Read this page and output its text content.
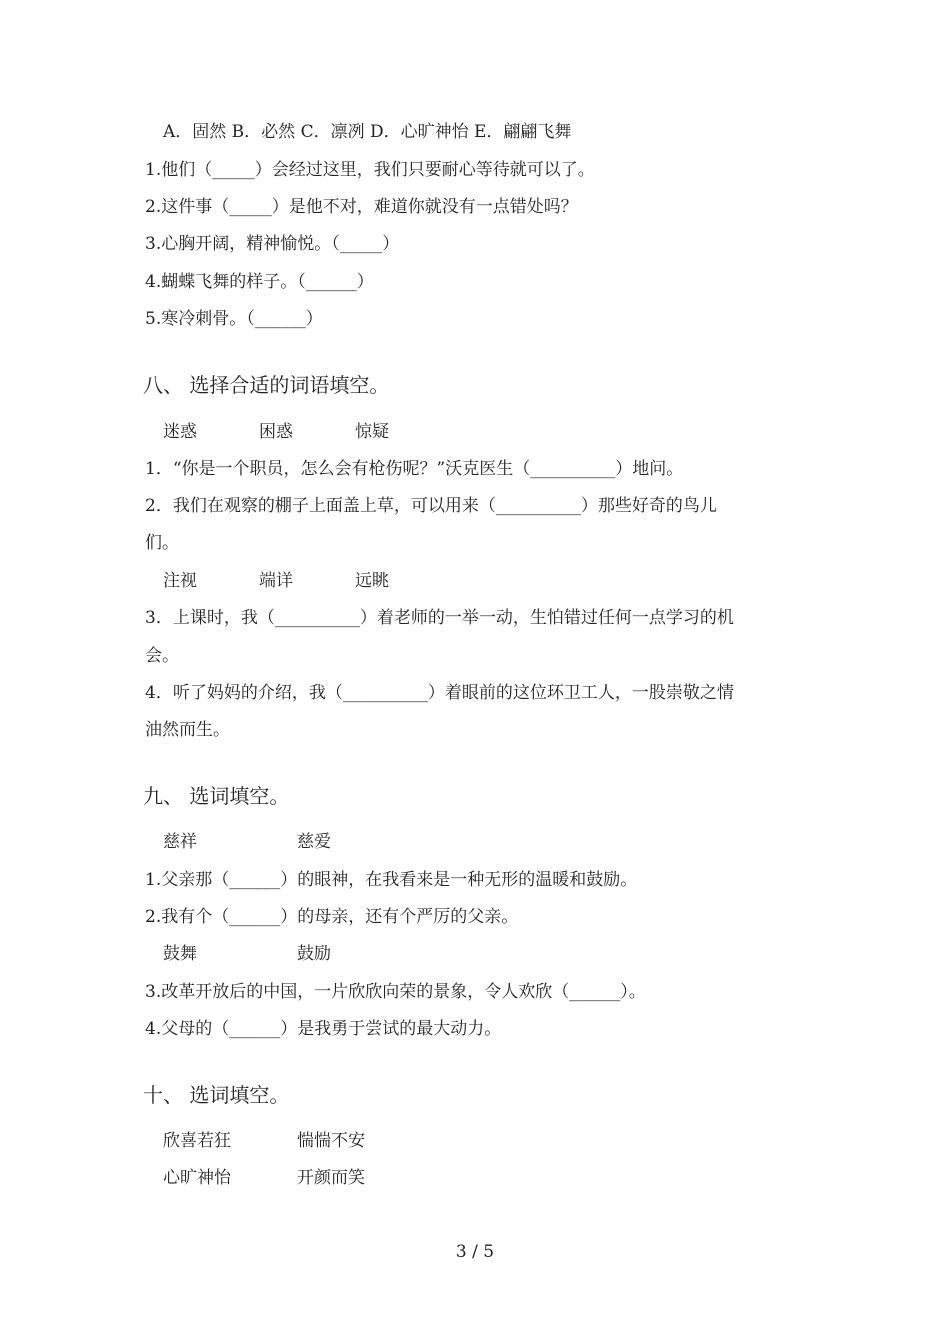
A．固然 B．必然 C．凛冽 D．心旷神怡 E．翩翩飞舞
1.他们（_____）会经过这里，我们只要耐心等待就可以了。
2.这件事（_____）是他不对，难道你就没有一点错处吗？
3.心胸开阔，精神愉悦。（_____）
4.蝴蝶飞舞的样子。（______）
5.寒冷刺骨。（______）
八、 选择合适的词语填空。
迷惑	困惑	惊疑
1．“你是一个职员，怎么会有枪伤呢？”沃克医生（__________）地问。
2．我们在观察的棚子上面盖上草，可以用来（__________）那些好奇的鸟儿
们。
注视	端详	远眺
3．上课时，我（__________）着老师的一举一动，生怕错过任何一点学习的机
会。
4．听了妈妈的介绍，我（__________）着眼前的这位环卫工人，一股崇敬之情
油然而生。
九、 选词填空。
慈祥	慈爱
1.父亲那（______）的眼神，在我看来是一种无形的温暖和鼓励。
2.我有个（______）的母亲，还有个严厉的父亲。
鼓舞	鼓励
3.改革开放后的中国，一片欣欣向荣的景象，令人欢欣（______）。
4.父母的（______）是我勇于尝试的最大动力。
十、 选词填空。
欣喜若狂	惴惴不安
心旷神怡	开颜而笑
3 / 5
